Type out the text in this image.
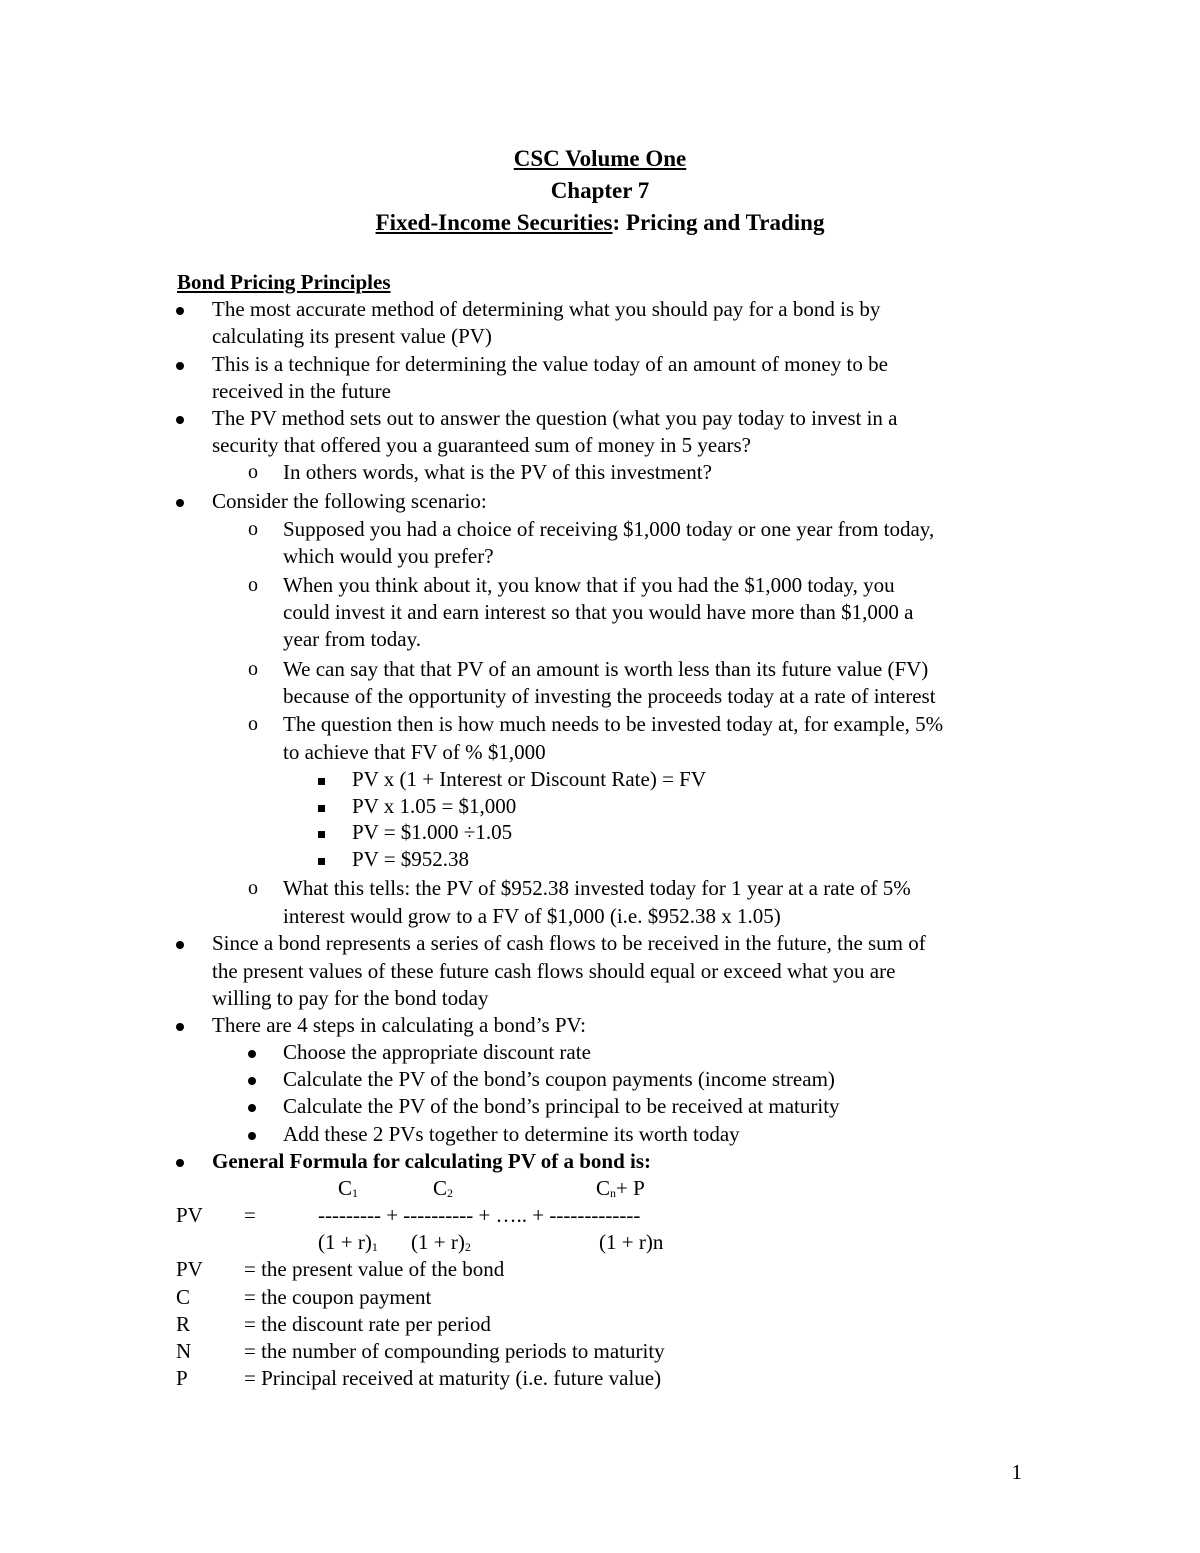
CSC Volume One
Chapter 7
Fixed-Income Securities: Pricing and Trading
Bond Pricing Principles
The most accurate method of determining what you should pay for a bond is by
calculating its present value (PV)
This is a technique for determining the value today of an amount of money to be
received in the future
The PV method sets out to answer the question (what you pay today to invest in a
security that offered you a guaranteed sum of money in 5 years?
o In others words, what is the PV of this investment?
Consider the following scenario:
o Supposed you had a choice of receiving $1,000 today or one year from today,
which would you prefer?
o When you think about it, you know that if you had the $1,000 today, you
could invest it and earn interest so that you would have more than $1,000 a
year from today.
o We can say that that PV of an amount is worth less than its future value (FV)
because of the opportunity of investing the proceeds today at a rate of interest
o The question then is how much needs to be invested today at, for example, 5%
to achieve that FV of % $1,000
PV x (1 + Interest or Discount Rate) = FV
PV x 1.05 = $1,000
PV = $1.000 ÷1.05
PV = $952.38
o What this tells: the PV of $952.38 invested today for 1 year at a rate of 5%
interest would grow to a FV of $1,000 (i.e. $952.38 x 1.05)
Since a bond represents a series of cash flows to be received in the future, the sum of
the present values of these future cash flows should equal or exceed what you are
willing to pay for the bond today
There are 4 steps in calculating a bond’s PV:
Choose the appropriate discount rate
Calculate the PV of the bond’s coupon payments (income stream)
Calculate the PV of the bond’s principal to be received at maturity
Add these 2 PVs together to determine its worth today
General Formula for calculating PV of a bond is:
$C_1$	$C_2$	$C_n+ P$
PV =	--------- + ---------- + ….. + -------------
$(1 + r)_1$ $(1 + r)_2$	(1 + r)n
PV = the present value of the bond
C	= the coupon payment
R	= the discount rate per period
N	= the number of compounding periods to maturity
P	= Principal received at maturity (i.e. future value)
1
